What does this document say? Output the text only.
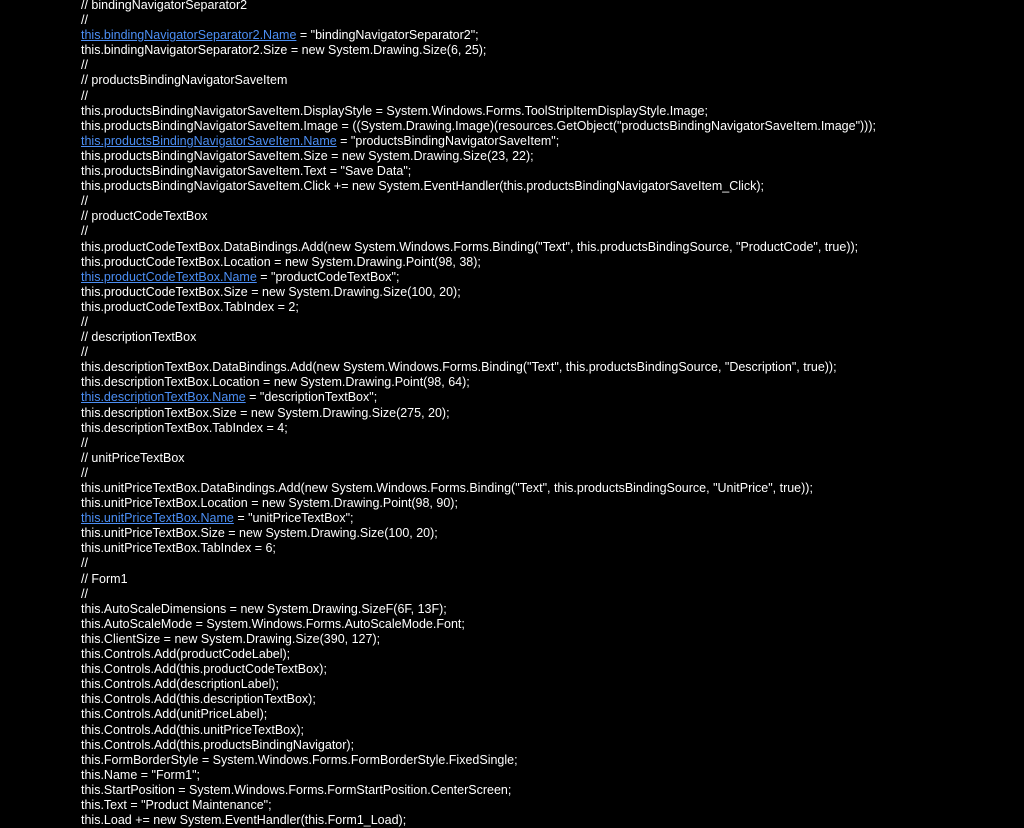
// bindingNavigatorSeparator2
//
this.bindingNavigatorSeparator2.Name = "bindingNavigatorSeparator2";
this.bindingNavigatorSeparator2.Size = new System.Drawing.Size(6, 25);
//
// productsBindingNavigatorSaveItem
//
this.productsBindingNavigatorSaveItem.DisplayStyle = System.Windows.Forms.ToolStripItemDisplayStyle.Image;
this.productsBindingNavigatorSaveItem.Image = ((System.Drawing.Image)(resources.GetObject("productsBindingNavigatorSaveItem.Image")));
this.productsBindingNavigatorSaveItem.Name = "productsBindingNavigatorSaveItem";
this.productsBindingNavigatorSaveItem.Size = new System.Drawing.Size(23, 22);
this.productsBindingNavigatorSaveItem.Text = "Save Data";
this.productsBindingNavigatorSaveItem.Click += new System.EventHandler(this.productsBindingNavigatorSaveItem_Click);
//
// productCodeTextBox
//
this.productCodeTextBox.DataBindings.Add(new System.Windows.Forms.Binding("Text", this.productsBindingSource, "ProductCode", true));
this.productCodeTextBox.Location = new System.Drawing.Point(98, 38);
this.productCodeTextBox.Name = "productCodeTextBox";
this.productCodeTextBox.Size = new System.Drawing.Size(100, 20);
this.productCodeTextBox.TabIndex = 2;
//
// descriptionTextBox
//
this.descriptionTextBox.DataBindings.Add(new System.Windows.Forms.Binding("Text", this.productsBindingSource, "Description", true));
this.descriptionTextBox.Location = new System.Drawing.Point(98, 64);
this.descriptionTextBox.Name = "descriptionTextBox";
this.descriptionTextBox.Size = new System.Drawing.Size(275, 20);
this.descriptionTextBox.TabIndex = 4;
//
// unitPriceTextBox
//
this.unitPriceTextBox.DataBindings.Add(new System.Windows.Forms.Binding("Text", this.productsBindingSource, "UnitPrice", true));
this.unitPriceTextBox.Location = new System.Drawing.Point(98, 90);
this.unitPriceTextBox.Name = "unitPriceTextBox";
this.unitPriceTextBox.Size = new System.Drawing.Size(100, 20);
this.unitPriceTextBox.TabIndex = 6;
//
// Form1
//
this.AutoScaleDimensions = new System.Drawing.SizeF(6F, 13F);
this.AutoScaleMode = System.Windows.Forms.AutoScaleMode.Font;
this.ClientSize = new System.Drawing.Size(390, 127);
this.Controls.Add(productCodeLabel);
this.Controls.Add(this.productCodeTextBox);
this.Controls.Add(descriptionLabel);
this.Controls.Add(this.descriptionTextBox);
this.Controls.Add(unitPriceLabel);
this.Controls.Add(this.unitPriceTextBox);
this.Controls.Add(this.productsBindingNavigator);
this.FormBorderStyle = System.Windows.Forms.FormBorderStyle.FixedSingle;
this.Name = "Form1";
this.StartPosition = System.Windows.Forms.FormStartPosition.CenterScreen;
this.Text = "Product Maintenance";
this.Load += new System.EventHandler(this.Form1_Load);
